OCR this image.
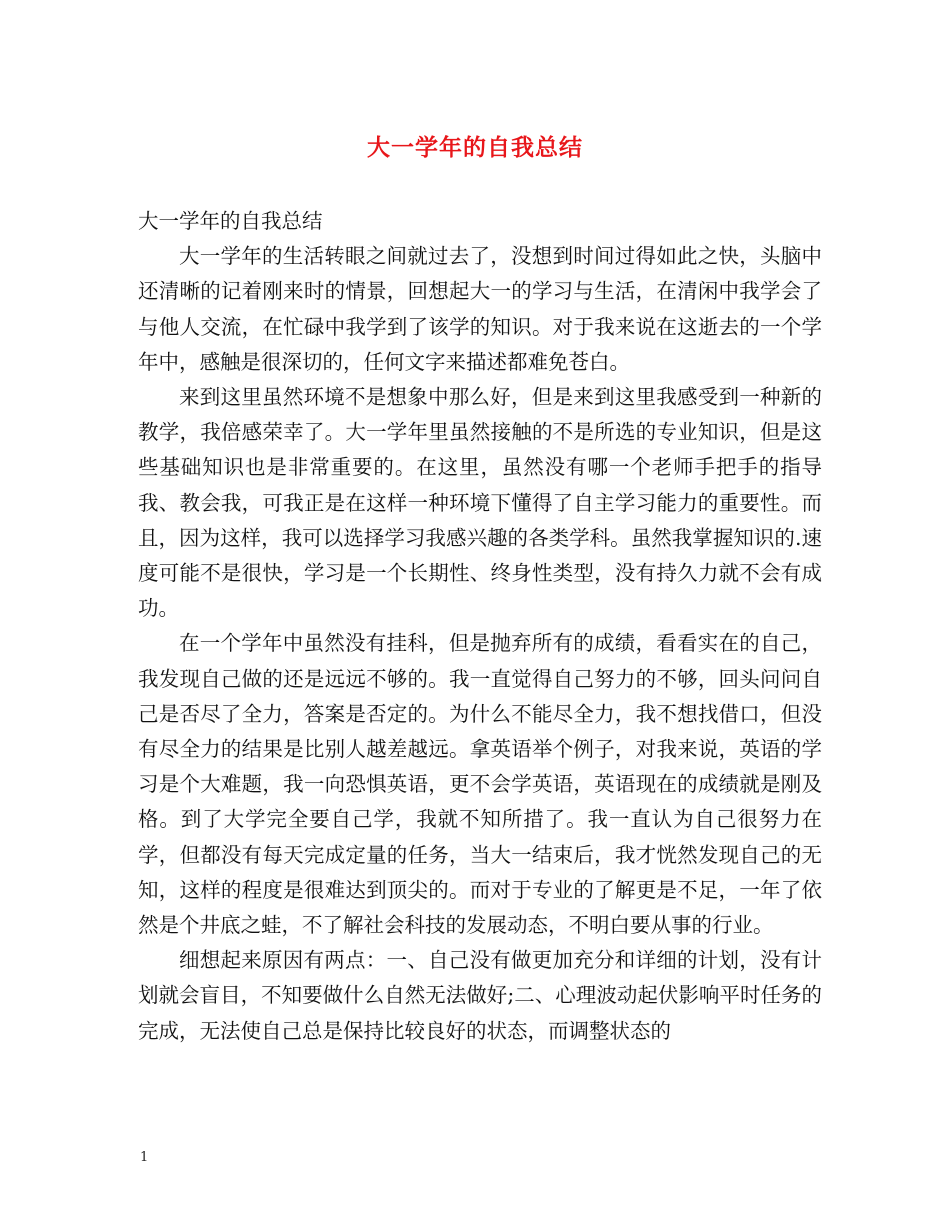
大一学年的自我总结

大一学年的自我总结

大一学年的生活转眼之间就过去了，没想到时间过得如此之快，头脑中还清晰的记着刚来时的情景，回想起大一的学习与生活，在清闲中我学会了与他人交流，在忙碌中我学到了该学的知识。对于我来说在这逝去的一个学年中，感触是很深切的，任何文字来描述都难免苍白。

来到这里虽然环境不是想象中那么好，但是来到这里我感受到一种新的教学，我倍感荣幸了。大一学年里虽然接触的不是所选的专业知识，但是这些基础知识也是非常重要的。在这里，虽然没有哪一个老师手把手的指导我、教会我，可我正是在这样一种环境下懂得了自主学习能力的重要性。而且，因为这样，我可以选择学习我感兴趣的各类学科。虽然我掌握知识的.速度可能不是很快，学习是一个长期性、终身性类型，没有持久力就不会有成功。

在一个学年中虽然没有挂科，但是抛弃所有的成绩，看看实在的自己，我发现自己做的还是远远不够的。我一直觉得自己努力的不够，回头问问自己是否尽了全力，答案是否定的。为什么不能尽全力，我不想找借口，但没有尽全力的结果是比别人越差越远。拿英语举个例子，对我来说，英语的学习是个大难题，我一向恐惧英语，更不会学英语，英语现在的成绩就是刚及格。到了大学完全要自己学，我就不知所措了。我一直认为自己很努力在学，但都没有每天完成定量的任务，当大一结束后，我才恍然发现自己的无知，这样的程度是很难达到顶尖的。而对于专业的了解更是不足，一年了依然是个井底之蛙，不了解社会科技的发展动态，不明白要从事的行业。

细想起来原因有两点：一、自己没有做更加充分和详细的计划，没有计划就会盲目，不知要做什么自然无法做好;二、心理波动起伏影响平时任务的完成，无法使自己总是保持比较良好的状态，而调整状态的

1
